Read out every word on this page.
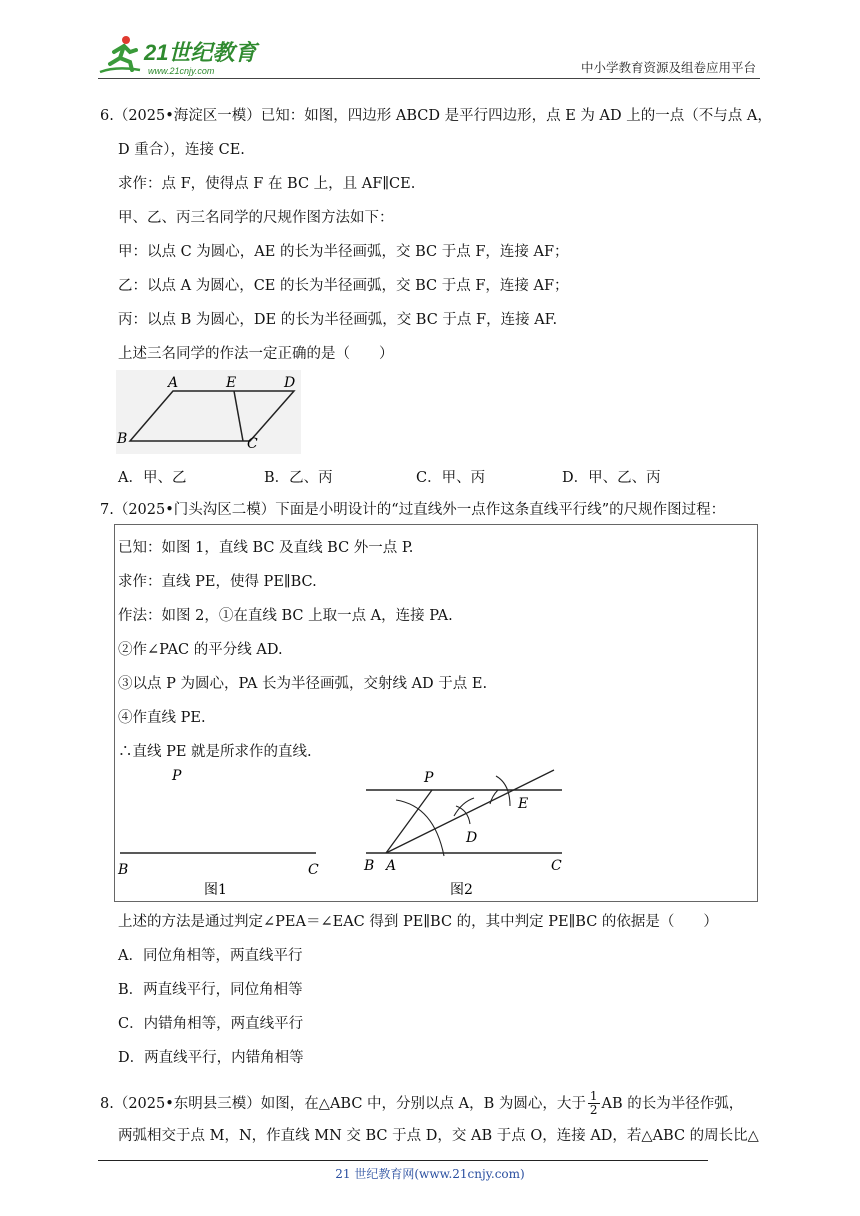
21世纪教育
www.21cnjy.com	中小学教育资源及组卷应用平台
6.（2025•海淀区一模）已知：如图，四边形 ABCD 是平行四边形，点 E 为 AD 上的一点（不与点 A，
D 重合），连接 CE.
求作：点 F，使得点 F 在 BC 上，且 AF∥CE.
甲、乙、丙三名同学的尺规作图方法如下：
甲：以点 C 为圆心，AE 的长为半径画弧，交 BC 于点 F，连接 AF；
乙：以点 A 为圆心，CE 的长为半径画弧，交 BC 于点 F，连接 AF；
丙：以点 B 为圆心，DE 的长为半径画弧，交 BC 于点 F，连接 AF.
上述三名同学的作法一定正确的是（　　）
A	E	D
B	C
A．甲、乙	B．乙、丙	C．甲、丙	D．甲、乙、丙
7.（2025•门头沟区二模）下面是小明设计的“过直线外一点作这条直线平行线”的尺规作图过程：
已知：如图 1，直线 BC 及直线 BC 外一点 P.
求作：直线 PE，使得 PE∥BC.
作法：如图 2，①在直线 BC 上取一点 A，连接 PA.
②作∠PAC 的平分线 AD.
③以点 P 为圆心，PA 长为半径画弧，交射线 AD 于点 E.
④作直线 PE.
∴直线 PE 就是所求作的直线.
P
B	C
图1
P
E
D
B A	C
图2
上述的方法是通过判定∠PEA＝∠EAC 得到 PE∥BC 的，其中判定 PE∥BC 的依据是（　　）
A．同位角相等，两直线平行
B．两直线平行，同位角相等
C．内错角相等，两直线平行
D．两直线平行，内错角相等
8.（2025•东明县三模）如图，在△ABC 中，分别以点 A，B 为圆心，大于 $\frac{1}{2}$ AB 的长为半径作弧，
两弧相交于点 M，N，作直线 MN 交 BC 于点 D，交 AB 于点 O，连接 AD，若△ABC 的周长比△
21 世纪教育网(www.21cnjy.com)
